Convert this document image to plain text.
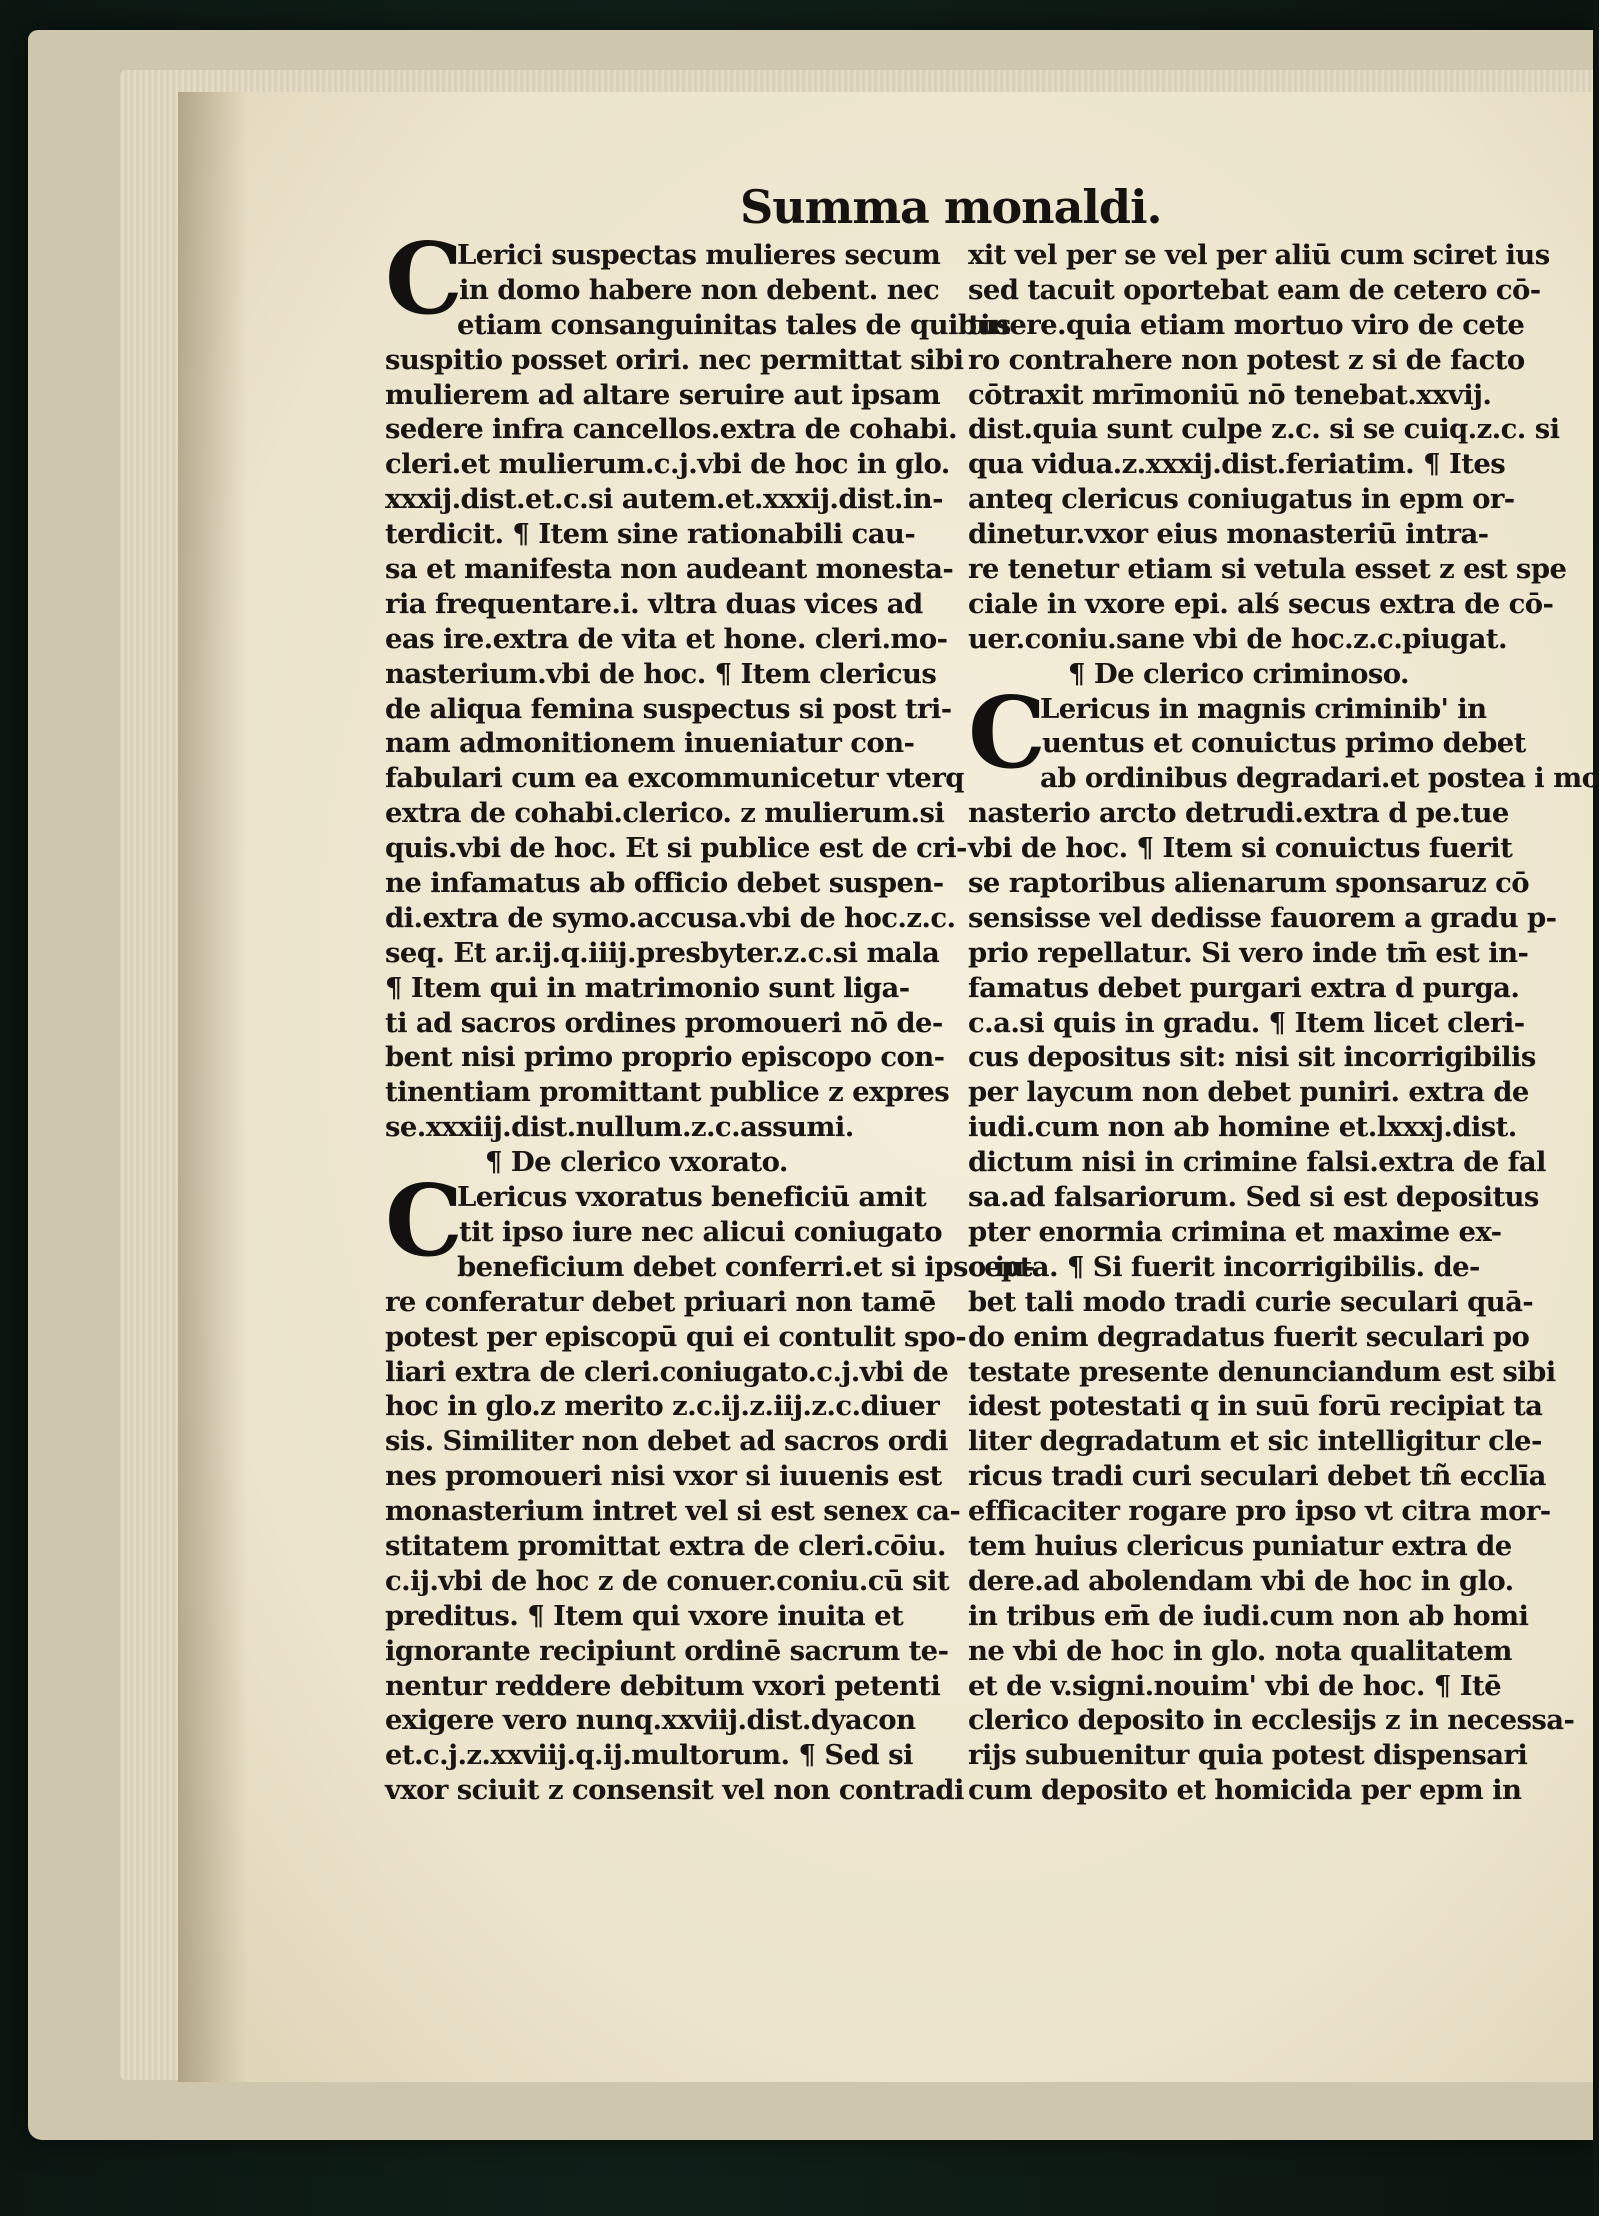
Summa monaldi.
C
Lerici suspectas mulieres secum
in domo habere non debent. nec
etiam consanguinitas tales de quibus
suspitio posset oriri. nec permittat sibi
mulierem ad altare seruire aut ipsam
sedere infra cancellos.extra de cohabi.
cleri.et mulierum.c.j.vbi de hoc in glo.
xxxij.dist.et.c.si autem.et.xxxij.dist.in-
terdicit. ¶ Item sine rationabili cau-
sa et manifesta non audeant monesta-
ria frequentare.i. vltra duas vices ad
eas ire.extra de vita et hone. cleri.mo-
nasterium.vbi de hoc. ¶ Item clericus
de aliqua femina suspectus si post tri-
nam admonitionem inueniatur con-
fabulari cum ea excommunicetur vterq
extra de cohabi.clerico. z mulierum.si
quis.vbi de hoc. Et si publice est de cri-
ne infamatus ab officio debet suspen-
di.extra de symo.accusa.vbi de hoc.z.c.
seq. Et ar.ij.q.iiij.presbyter.z.c.si mala
¶ Item qui in matrimonio sunt liga-
ti ad sacros ordines promoueri nō de-
bent nisi primo proprio episcopo con-
tinentiam promittant publice z expres
se.xxxiij.dist.nullum.z.c.assumi.
¶ De clerico vxorato.
C
Lericus vxoratus beneficiū amit
tit ipso iure nec alicui coniugato
beneficium debet conferri.et si ipso iu-
re conferatur debet priuari non tamē
potest per episcopū qui ei contulit spo-
liari extra de cleri.coniugato.c.j.vbi de
hoc in glo.z merito z.c.ij.z.iij.z.c.diuer
sis. Similiter non debet ad sacros ordi
nes promoueri nisi vxor si iuuenis est
monasterium intret vel si est senex ca-
stitatem promittat extra de cleri.cōiu.
c.ij.vbi de hoc z de conuer.coniu.cū sit
preditus. ¶ Item qui vxore inuita et
ignorante recipiunt ordinē sacrum te-
nentur reddere debitum vxori petenti
exigere vero nunq.xxviij.dist.dyacon
et.c.j.z.xxviij.q.ij.multorum. ¶ Sed si
vxor sciuit z consensit vel non contradi
xit vel per se vel per aliū cum sciret ius
sed tacuit oportebat eam de cetero cō-
tinere.quia etiam mortuo viro de cete
ro contrahere non potest z si de facto
cōtraxit mrīmoniū nō tenebat.xxvij.
dist.quia sunt culpe z.c. si se cuiq.z.c. si
qua vidua.z.xxxij.dist.feriatim. ¶ Ites
anteq clericus coniugatus in epm or-
dinetur.vxor eius monasteriū intra-
re tenetur etiam si vetula esset z est spe
ciale in vxore epi. alś secus extra de cō-
uer.coniu.sane vbi de hoc.z.c.piugat.
¶ De clerico criminoso.
C
Lericus in magnis criminib' in
uentus et conuictus primo debet
ab ordinibus degradari.et postea i mo
nasterio arcto detrudi.extra d pe.tue
vbi de hoc. ¶ Item si conuictus fuerit
se raptoribus alienarum sponsaruz cō
sensisse vel dedisse fauorem a gradu p-
prio repellatur. Si vero inde tm̄ est in-
famatus debet purgari extra d purga.
c.a.si quis in gradu. ¶ Item licet cleri-
cus depositus sit: nisi sit incorrigibilis
per laycum non debet puniri. extra de
iudi.cum non ab homine et.lxxxj.dist.
dictum nisi in crimine falsi.extra de fal
sa.ad falsariorum. Sed si est depositus
pter enormia crimina et maxime ex-
cepta. ¶ Si fuerit incorrigibilis. de-
bet tali modo tradi curie seculari quā-
do enim degradatus fuerit seculari po
testate presente denunciandum est sibi
idest potestati q in suū forū recipiat ta
liter degradatum et sic intelligitur cle-
ricus tradi curi seculari debet tñ ecclīa
efficaciter rogare pro ipso vt citra mor-
tem huius clericus puniatur extra de
dere.ad abolendam vbi de hoc in glo.
in tribus em̄ de iudi.cum non ab homi
ne vbi de hoc in glo. nota qualitatem
et de v.signi.nouim' vbi de hoc. ¶ Itē
clerico deposito in ecclesijs z in necessa-
rijs subuenitur quia potest dispensari
cum deposito et homicida per epm in
